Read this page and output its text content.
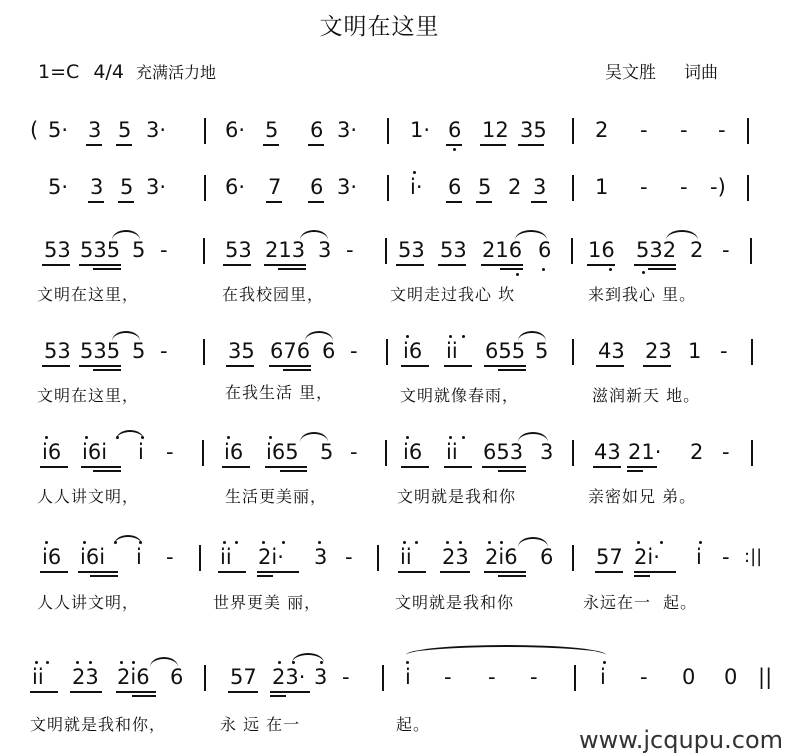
文明在这里
1=C 4/4 充满活力地	吴文胜 词曲
( 5· 3 5 3·	6· 5 6 3·	1· 6 12 35 2 - - -
5· 3 5 3·	6· 7 6 3·	i· 6 5 2 3 1 - - -)
53 535 5 -	53 213 3 - 53 53 216 6 16 532 2 -
文明在这里，	在我校园里，	文明走过我心 坎	来到我心 里。
53 535 5 -	35 676 6 - i6 ii 655 5 43 23 1 -
文明在这里，	在我生活 里，	文明就像春雨，	滋润新天 地。
i6 i6i i - i6 i65 5 - i6 ii 653 3 43 21· 2 -
人人讲文明，	生活更美丽，	文明就是我和你	亲密如兄 弟。
i6 i6i i - ii 2i· 3 - ii 23 2i6 6 57 2i· i - :||
人人讲文明，	世界更美 丽，	文明就是我和你	永远在一  起。
ii 23 2i6 6 57 23· 3 -	i - - -	i - 0 0 ||
文明就是我和你，	永 远 在一	起。
www.jcqupu.com
